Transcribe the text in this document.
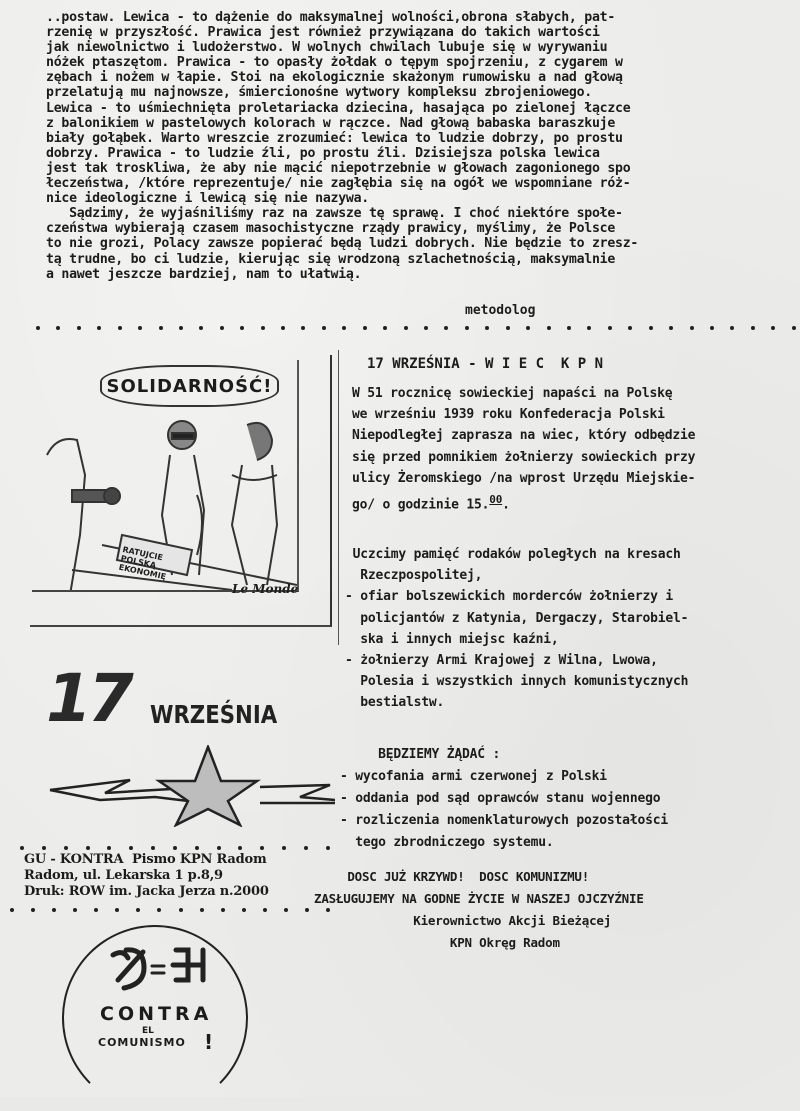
..postaw. Lewica - to dążenie do maksymalnej wolności,obrona słabych, pat-
rzenię w przyszłość. Prawica jest również przywiązana do takich wartości
jak niewolnictwo i ludożerstwo. W wolnych chwilach lubuje się w wyrywaniu
nóżek ptaszętom. Prawica - to opasły żołdak o tępym spojrzeniu, z cygarem w
zębach i nożem w łapie. Stoi na ekologicznie skażonym rumowisku a nad głową
przelatują mu najnowsze, śmiercionośne wytwory kompleksu zbrojeniowego.
Lewica - to uśmiechnięta proletariacka dziecina, hasająca po zielonej łączce
z balonikiem w pastelowych kolorach w rączce. Nad głową babaska baraszkuje
biały gołąbek. Warto wreszcie zrozumieć: lewica to ludzie dobrzy, po prostu
dobrzy. Prawica - to ludzie źli, po prostu źli. Dzisiejsza polska lewica
jest tak troskliwa, że aby nie mącić niepotrzebnie w głowach zagonionego spo
łeczeństwa, /które reprezentuje/ nie zagłębia się na ogół we wspomniane róż-
nice ideologiczne i lewicą się nie nazywa.
Sądzimy, że wyjaśniliśmy raz na zawsze tę sprawę. I choć niektóre społe-
czeństwa wybierają czasem masochistyczne rządy prawicy, myślimy, że Polsce
to nie grozi, Polacy zawsze popierać będą ludzi dobrych. Nie będzie to zresz-
tą trudne, bo ci ludzie, kierując się wrodzoną szlachetnością, maksymalnie
a nawet jeszcze bardziej, nam to ułatwią.
metodolog
SOLIDARNOŚĆ!
RATUJCIE POLSKĄ EKONOMIĘ
Le Monde
17 WRZEŚNIA
17 WRZEŚNIA - W I E C  K P N
W 51 rocznicę sowieckiej napaści na Polskę
we wrześniu 1939 roku Konfederacja Polski
Niepodległej zaprasza na wiec, który odbędzie
się przed pomnikiem żołnierzy sowieckich przy
ulicy Żeromskiego /na wprost Urzędu Miejskie-
go/ o godzinie 15.00.
Uczcimy pamięć rodaków poległych na kresach
Rzeczpospolitej,
- ofiar bolszewickich morderców żołnierzy i
policjantów z Katynia, Dergaczy, Starobiel-
ska i innych miejsc kaźni,
- żołnierzy Armi Krajowej z Wilna, Lwowa,
Polesia i wszystkich innych komunistycznych
bestialstw.
BĘDZIEMY ŻĄDAĆ :
- wycofania armi czerwonej z Polski
- oddania pod sąd oprawców stanu wojennego
- rozliczenia nomenklaturowych pozostałości
tego zbrodniczego systemu.
DOSC JUŻ KRZYWD!  DOSC KOMUNIZMU!
ZASŁUGUJEMY NA GODNE ŻYCIE W NASZEJ OJCZYŹNIE
Kierownictwo Akcji Bieżącej
KPN Okręg Radom
GU - KONTRA  Pismo KPN Radom
Radom, ul. Lekarska 1 p.8,9
Druk: ROW im. Jacka Jerza n.2000
CONTRA
EL
COMUNISMO !
